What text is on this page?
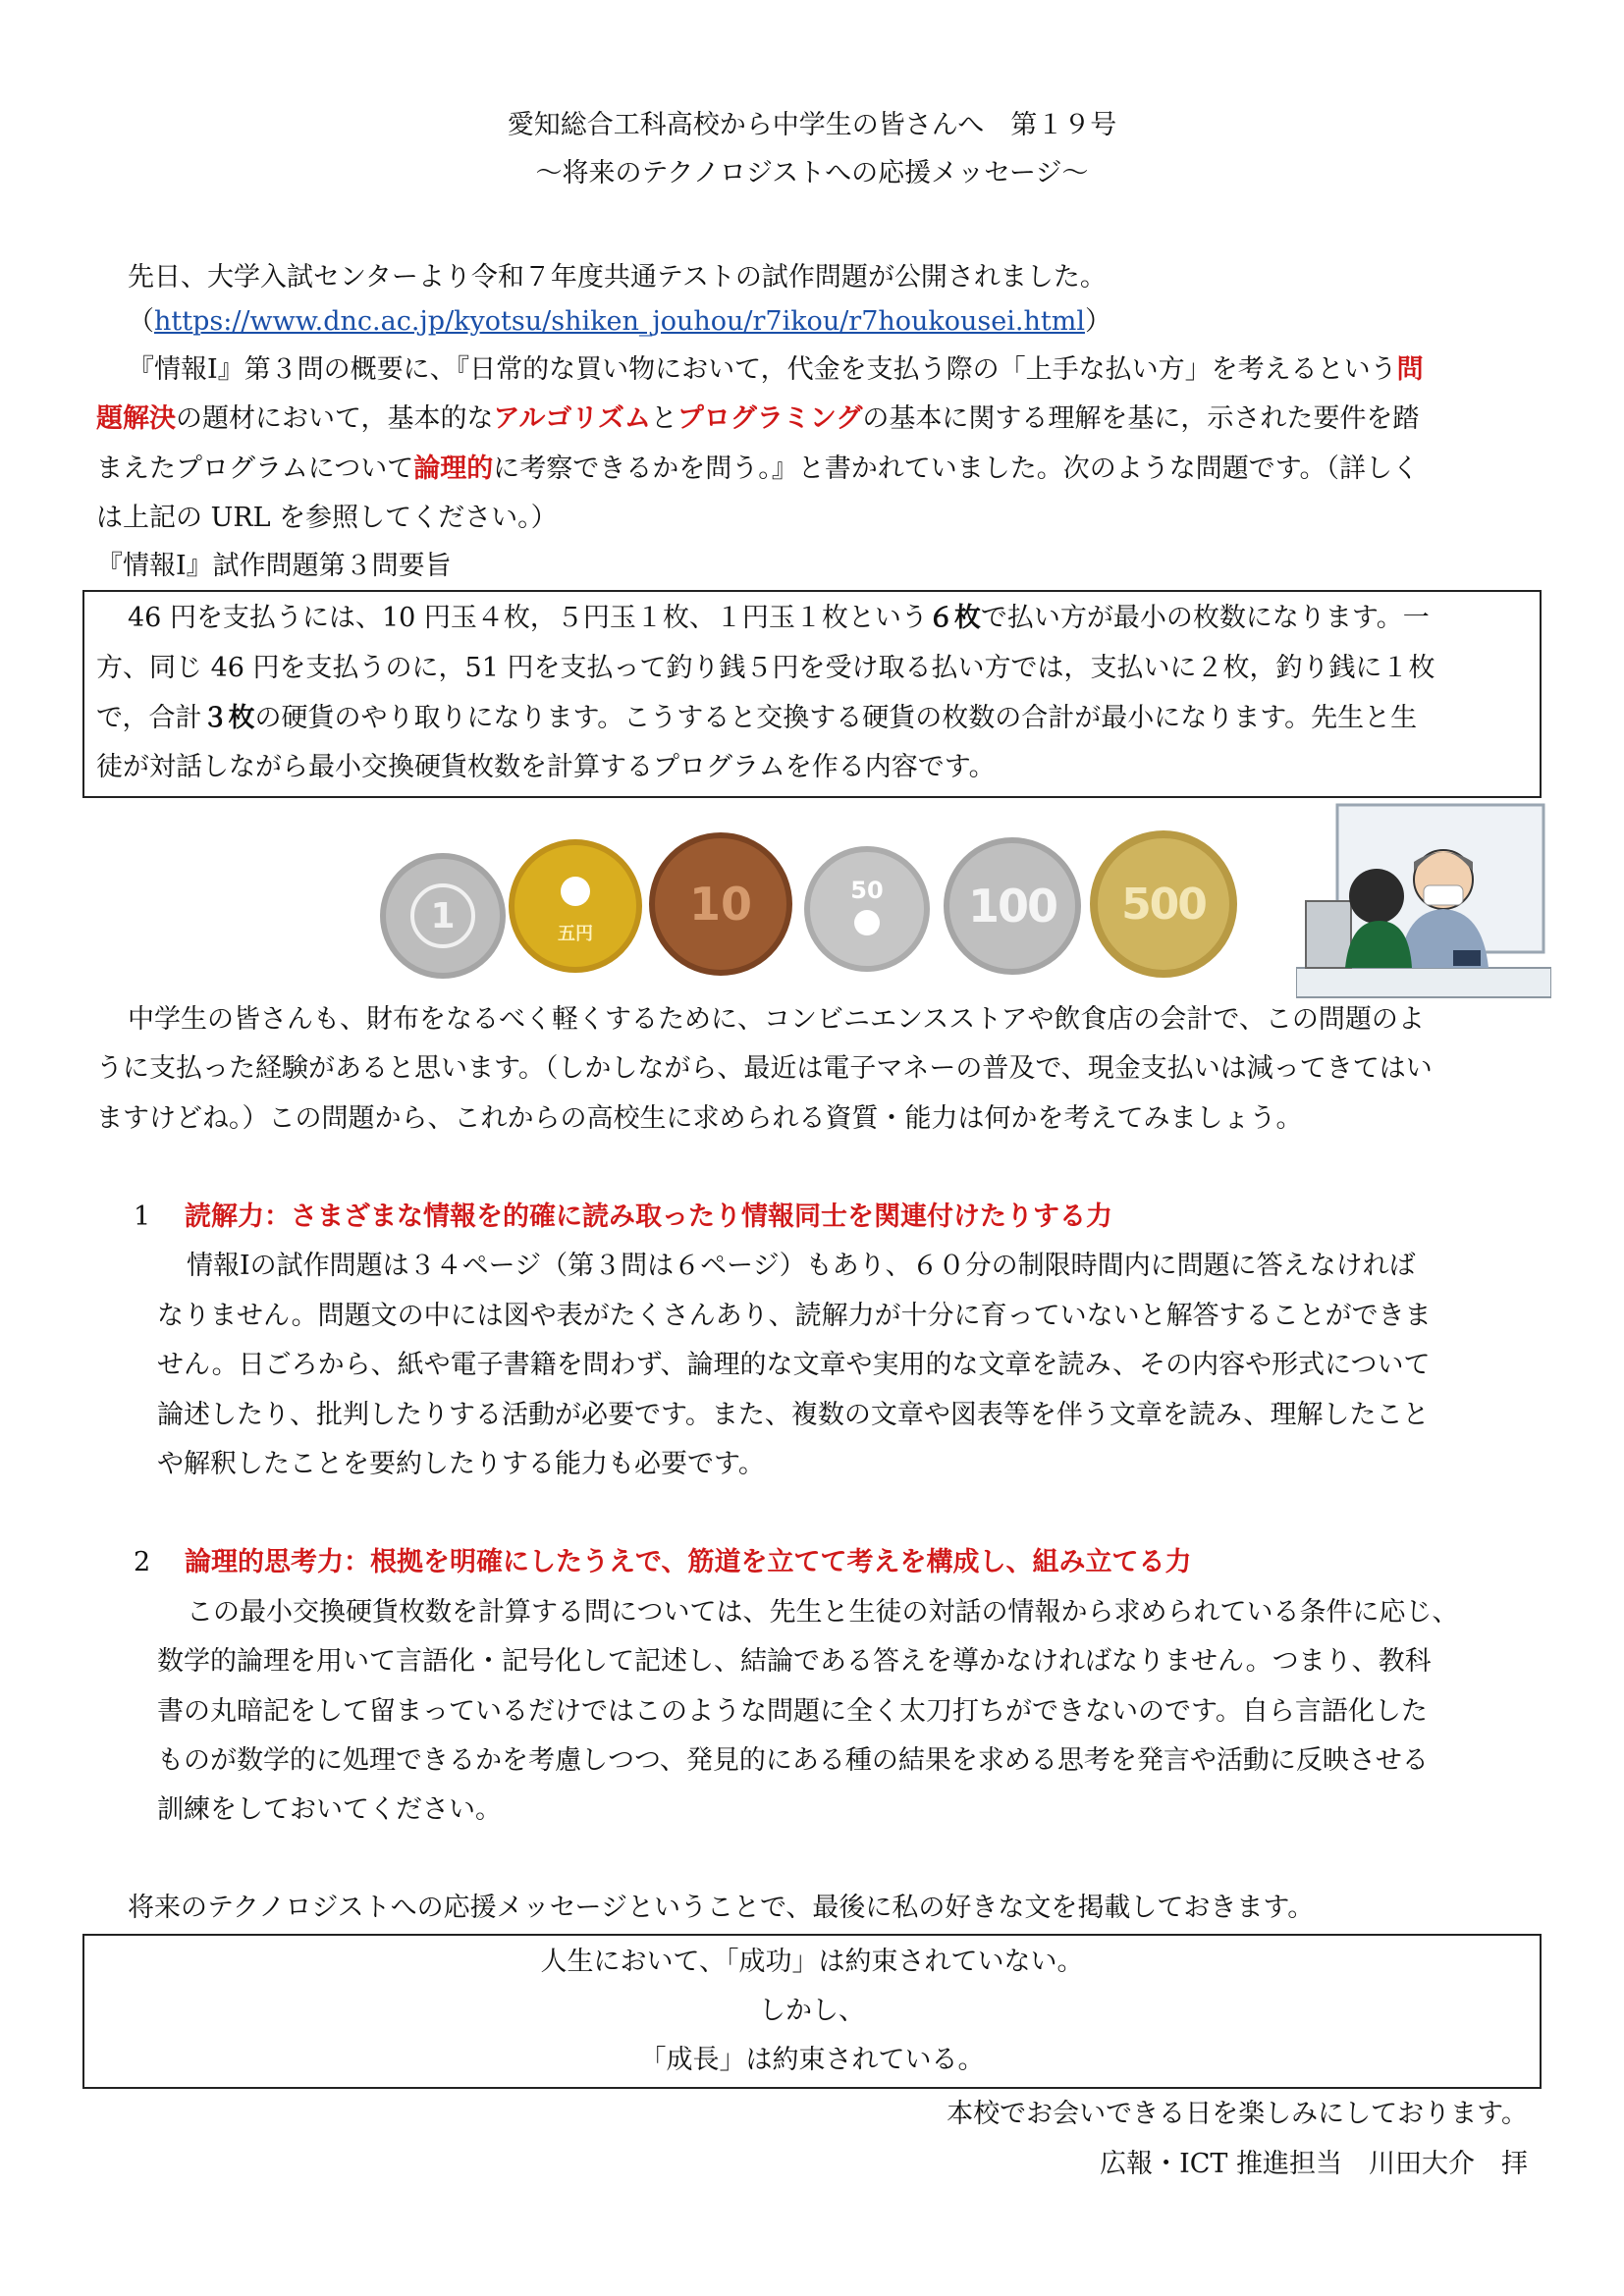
愛知総合工科高校から中学生の皆さんへ　第１９号
〜将来のテクノロジストへの応援メッセージ〜
先日、大学入試センターより令和７年度共通テストの試作問題が公開されました。
（https://www.dnc.ac.jp/kyotsu/shiken_jouhou/r7ikou/r7houkousei.html）
『情報Ⅰ』第３問の概要に、『日常的な買い物において，代金を支払う際の「上手な払い方」を考えるという問
題解決の題材において，基本的なアルゴリズムとプログラミングの基本に関する理解を基に，示された要件を踏
まえたプログラムについて論理的に考察できるかを問う。』と書かれていました。次のような問題です。（詳しく
は上記の URL を参照してください。）
『情報Ⅰ』試作問題第３問要旨
46 円を支払うには、10 円玉４枚，５円玉１枚、１円玉１枚という６枚で払い方が最小の枚数になります。一
方、同じ 46 円を支払うのに，51 円を支払って釣り銭５円を受け取る払い方では，支払いに２枚，釣り銭に１枚
で，合計３枚の硬貨のやり取りになります。こうすると交換する硬貨の枚数の合計が最小になります。先生と生
徒が対話しながら最小交換硬貨枚数を計算するプログラムを作る内容です。
1	五円
10	50 100 500
中学生の皆さんも、財布をなるべく軽くするために、コンビニエンスストアや飲食店の会計で、この問題のよ
うに支払った経験があると思います。（しかしながら、最近は電子マネーの普及で、現金支払いは減ってきてはい
ますけどね。）この問題から、これからの高校生に求められる資質・能力は何かを考えてみましょう。
1 読解力：さまざまな情報を的確に読み取ったり情報同士を関連付けたりする力
情報Ⅰの試作問題は３４ページ（第３問は６ページ）もあり、６０分の制限時間内に問題に答えなければ
なりません。問題文の中には図や表がたくさんあり、読解力が十分に育っていないと解答することができま
せん。日ごろから、紙や電子書籍を問わず、論理的な文章や実用的な文章を読み、その内容や形式について
論述したり、批判したりする活動が必要です。また、複数の文章や図表等を伴う文章を読み、理解したこと
や解釈したことを要約したりする能力も必要です。
2 論理的思考力：根拠を明確にしたうえで、筋道を立てて考えを構成し、組み立てる力
この最小交換硬貨枚数を計算する問については、先生と生徒の対話の情報から求められている条件に応じ、
数学的論理を用いて言語化・記号化して記述し、結論である答えを導かなければなりません。つまり、教科
書の丸暗記をして留まっているだけではこのような問題に全く太刀打ちができないのです。自ら言語化した
ものが数学的に処理できるかを考慮しつつ、発見的にある種の結果を求める思考を発言や活動に反映させる
訓練をしておいてください。
将来のテクノロジストへの応援メッセージということで、最後に私の好きな文を掲載しておきます。
人生において、「成功」は約束されていない。
しかし、
「成長」は約束されている。
本校でお会いできる日を楽しみにしております。
広報・ICT 推進担当　川田大介　拝
